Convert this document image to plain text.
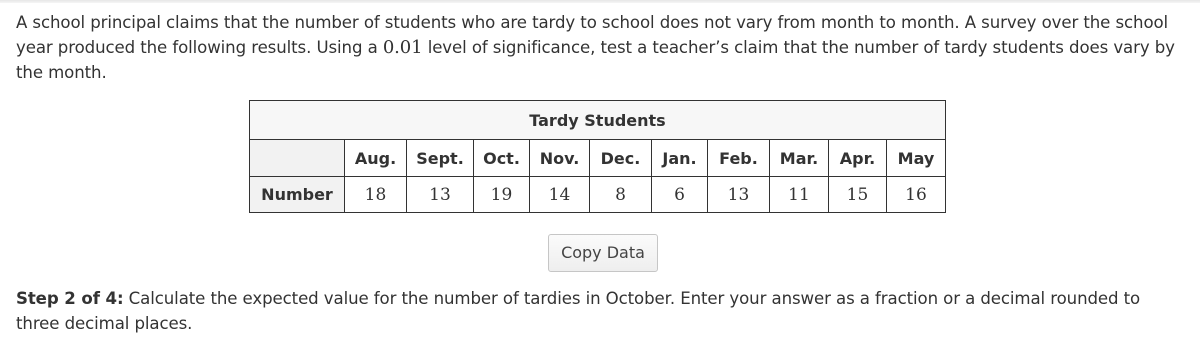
A school principal claims that the number of students who are tardy to school does not vary from month to month. A survey over the school year produced the following results. Using a 0.01 level of significance, test a teacher’s claim that the number of tardy students does vary by the month.
Tardy Students										
	Aug.	Sept.	Oct.	Nov.	Dec.	Jan.	Feb.	Mar.	Apr.	May
Number	18	13	19	14	8	6	13	11	15	16
Copy Data
Step 2 of 4: Calculate the expected value for the number of tardies in October. Enter your answer as a fraction or a decimal rounded to three decimal places.
